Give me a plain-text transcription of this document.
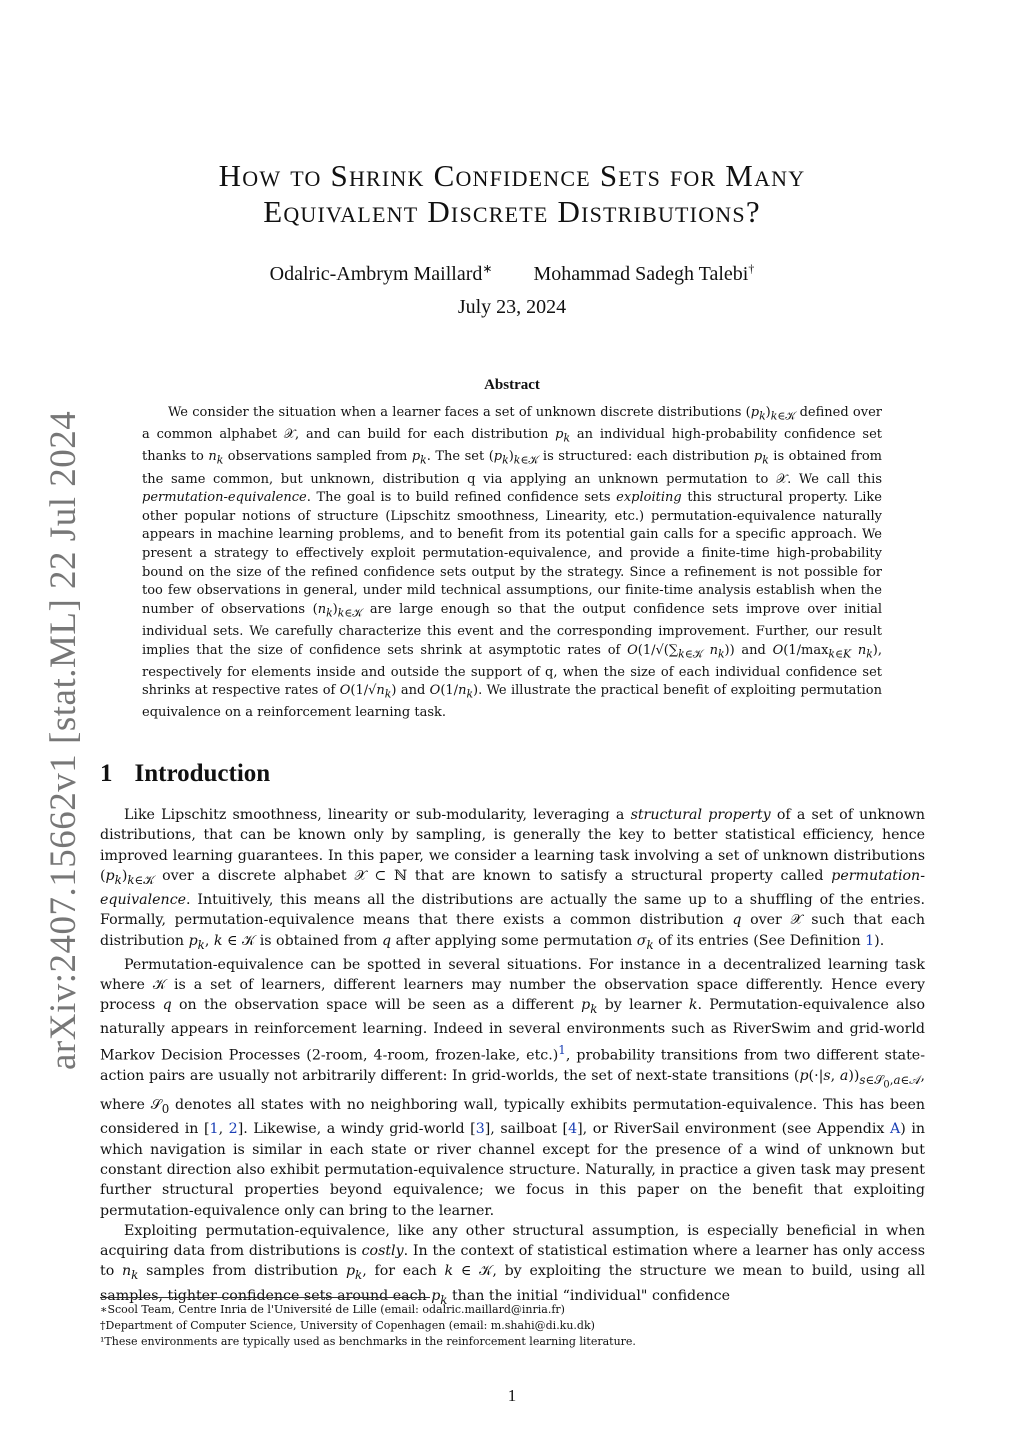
arXiv:2407.15662v1 [stat.ML] 22 Jul 2024
How to Shrink Confidence Sets for Many
Equivalent Discrete Distributions?
Odalric-Ambrym Maillard∗ Mohammad Sadegh Talebi†
July 23, 2024
Abstract

We consider the situation when a learner faces a set of unknown discrete distributions $(p_k)_{k\in 𝒦}$ defined over a common alphabet 𝒳, and can build for each distribution $p_k$ an individual high-probability confidence set thanks to $n_k$ observations sampled from $p_k$. The set $(p_k)_{k\in 𝒦}$ is structured: each distribution $p_k$ is obtained from the same common, but unknown, distribution q via applying an unknown permutation to 𝒳. We call this permutation-equivalence. The goal is to build refined confidence sets exploiting this structural property. Like other popular notions of structure (Lipschitz smoothness, Linearity, etc.) permutation-equivalence naturally appears in machine learning problems, and to benefit from its potential gain calls for a specific approach. We present a strategy to effectively exploit permutation-equivalence, and provide a finite-time high-probability bound on the size of the refined confidence sets output by the strategy. Since a refinement is not possible for too few observations in general, under mild technical assumptions, our finite-time analysis establish when the number of observations $(n_k)_{k\in 𝒦}$ are large enough so that the output confidence sets improve over initial individual sets. We carefully characterize this event and the corresponding improvement. Further, our result implies that the size of confidence sets shrink at asymptotic rates of $O(1/√(\sum_{k\in 𝒦}$ $n_k$)) and $O(1/\max_{k\in K}$ $n_k$), respectively for elements inside and outside the support of q, when the size of each individual confidence set shrinks at respective rates of $O(1/√n_k)$ and $O(1/n_k)$. We illustrate the practical benefit of exploiting permutation equivalence on a reinforcement learning task.

1 Introduction

Like Lipschitz smoothness, linearity or sub-modularity, leveraging a structural property of a set of unknown distributions, that can be known only by sampling, is generally the key to better statistical efficiency, hence improved learning guarantees. In this paper, we consider a learning task involving a set of unknown distributions $(p_k)_{k\in 𝒦}$ over a discrete alphabet 𝒳 ⊂ ℕ that are known to satisfy a structural property called permutation-equivalence. Intuitively, this means all the distributions are actually the same up to a shuffling of the entries. Formally, permutation-equivalence means that there exists a common distribution q over 𝒳 such that each distribution $p_k$, k ∈ 𝒦 is obtained from q after applying some permutation $\sigma_k$ of its entries (See Definition 1).

Permutation-equivalence can be spotted in several situations. For instance in a decentralized learning task where 𝒦 is a set of learners, different learners may number the observation space differently. Hence every process q on the observation space will be seen as a different $p_k$ by learner k. Permutation-equivalence also naturally appears in reinforcement learning. Indeed in several environments such as RiverSwim and grid-world Markov Decision Processes (2-room, 4-room, frozen-lake, etc.)$^1$, probability transitions from two different state-action pairs are usually not arbitrarily different: In grid-worlds, the set of next-state transitions (p(·|s, $a))_{s\in 𝒮_0,a\in 𝒜}$, where 𝒮$_0$ denotes all states with no neighboring wall, typically exhibits permutation-equivalence. This has been considered in [1, 2]. Likewise, a windy grid-world [3], sailboat [4], or RiverSail environment (see Appendix A) in which navigation is similar in each state or river channel except for the presence of a wind of unknown but constant direction also exhibit permutation-equivalence structure. Naturally, in practice a given task may present further structural properties beyond equivalence; we focus in this paper on the benefit that exploiting permutation-equivalence only can bring to the learner.

Exploiting permutation-equivalence, like any other structural assumption, is especially beneficial in when acquiring data from distributions is costly. In the context of statistical estimation where a learner has only access to $n_k$ samples from distribution $p_k$, for each k ∈ 𝒦, by exploiting the structure we mean to build, using all samples, tighter confidence sets around each $p_k$ than the initial “individual" confidence

∗Scool Team, Centre Inria de l'Université de Lille (email: odalric.maillard@inria.fr)
†Department of Computer Science, University of Copenhagen (email: m.shahi@di.ku.dk)
¹These environments are typically used as benchmarks in the reinforcement learning literature.
1
